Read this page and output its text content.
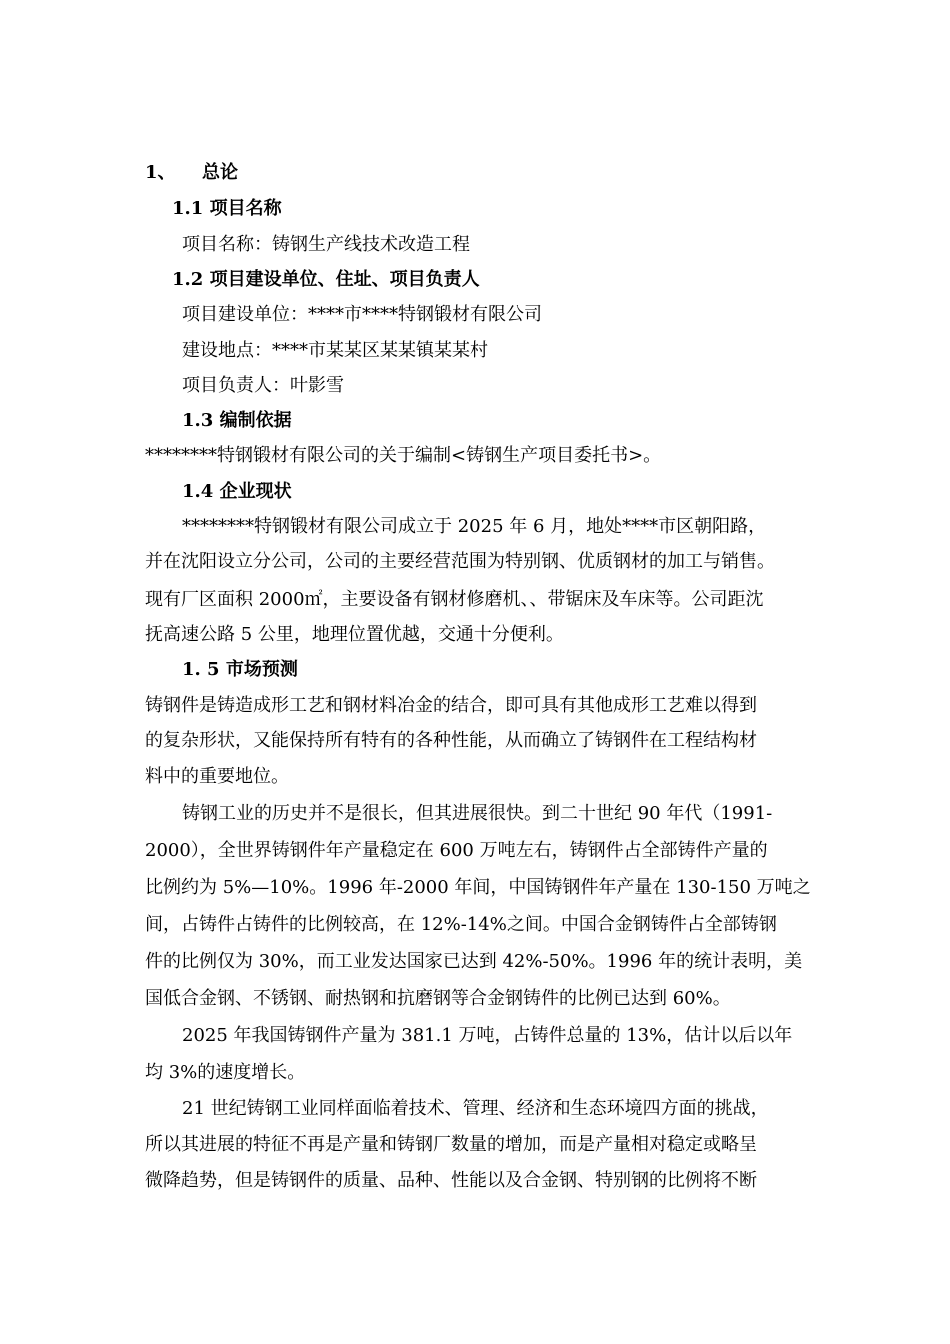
1、 总论

1.1 项目名称

项目名称：铸钢生产线技术改造工程

1.2 项目建设单位、住址、项目负责人

项目建设单位：****市****特钢锻材有限公司

建设地点：****市某某区某某镇某某村

项目负责人：叶影雪

1.3 编制依据

********特钢锻材有限公司的关于编制<铸钢生产项目委托书>。

1.4 企业现状

********特钢锻材有限公司成立于 2025 年 6 月，地处****市区朝阳路，

并在沈阳设立分公司，公司的主要经营范围为特别钢、优质钢材的加工与销售。

现有厂区面积 2000㎡，主要设备有钢材修磨机、、带锯床及车床等。公司距沈

抚高速公路 5 公里，地理位置优越，交通十分便利。

1. 5 市场预测

铸钢件是铸造成形工艺和钢材料冶金的结合，即可具有其他成形工艺难以得到

的复杂形状，又能保持所有特有的各种性能，从而确立了铸钢件在工程结构材

料中的重要地位。

铸钢工业的历史并不是很长，但其进展很快。到二十世纪 90 年代（1991-

2000），全世界铸钢件年产量稳定在 600 万吨左右，铸钢件占全部铸件产量的

比例约为 5%—10%。1996 年-2000 年间，中国铸钢件年产量在 130-150 万吨之

间，占铸件占铸件的比例较高，在 12%-14%之间。中国合金钢铸件占全部铸钢

件的比例仅为 30%，而工业发达国家已达到 42%-50%。1996 年的统计表明，美

国低合金钢、不锈钢、耐热钢和抗磨钢等合金钢铸件的比例已达到 60%。

2025 年我国铸钢件产量为 381.1 万吨，占铸件总量的 13%，估计以后以年

均 3%的速度增长。

21 世纪铸钢工业同样面临着技术、管理、经济和生态环境四方面的挑战，

所以其进展的特征不再是产量和铸钢厂数量的增加，而是产量相对稳定或略呈

微降趋势，但是铸钢件的质量、品种、性能以及合金钢、特别钢的比例将不断
